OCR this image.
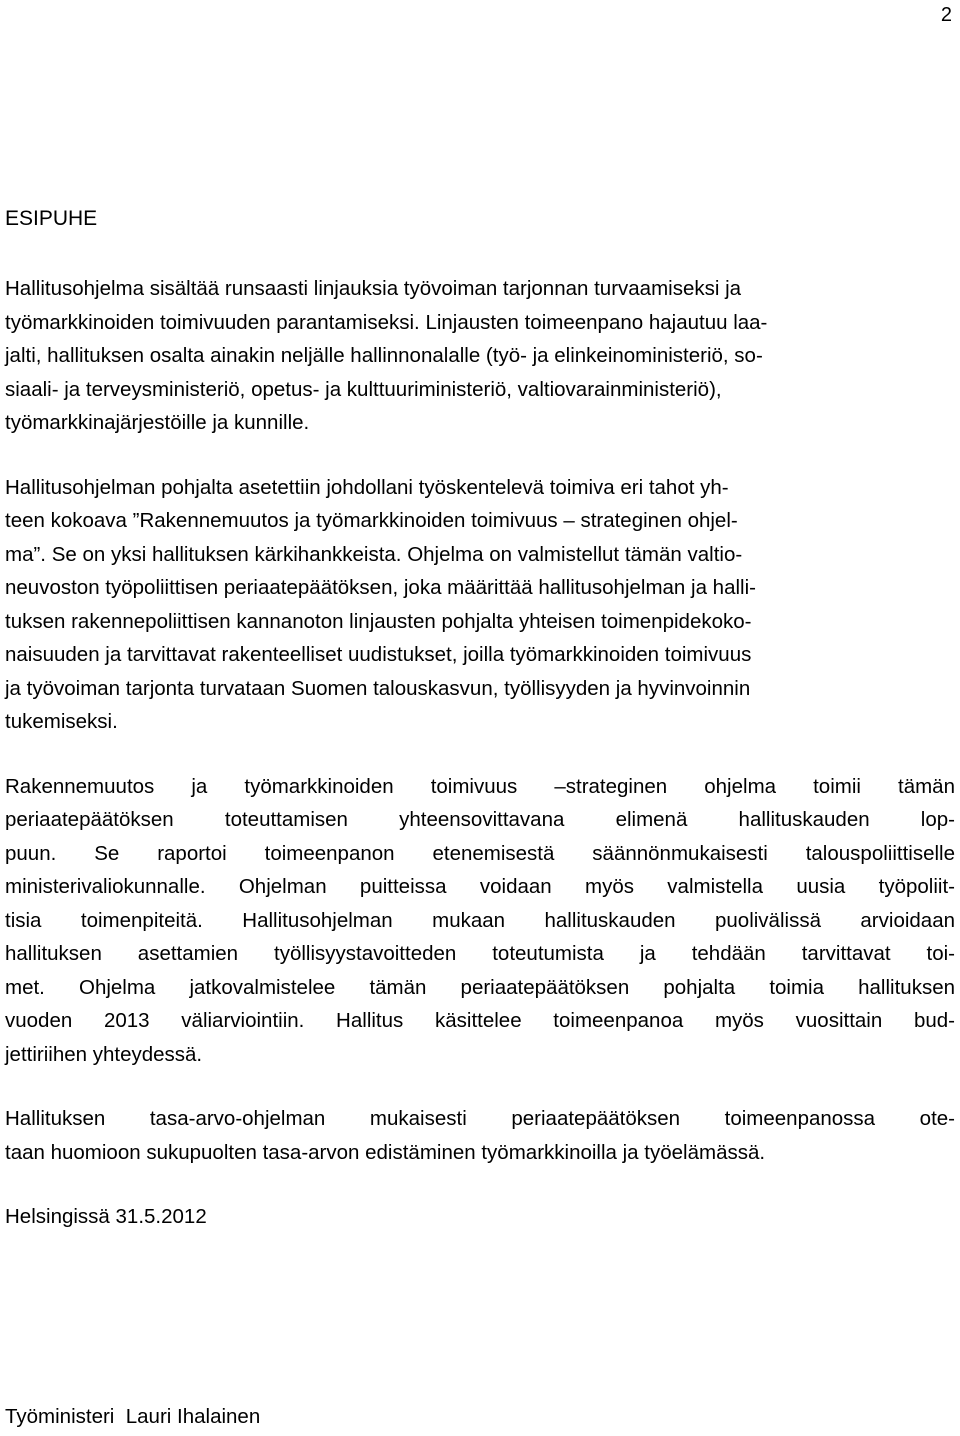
2
ESIPUHE
Hallitusohjelma sisältää runsaasti linjauksia työvoiman tarjonnan turvaamiseksi ja
työmarkkinoiden toimivuuden parantamiseksi. Linjausten toimeenpano hajautuu laa-
jalti, hallituksen osalta ainakin neljälle hallinnonalalle (työ- ja elinkeinoministeriö, so-
siaali- ja terveysministeriö, opetus- ja kulttuuriministeriö, valtiovarainministeriö),
työmarkkinajärjestöille ja kunnille.
Hallitusohjelman pohjalta asetettiin johdollani työskentelevä toimiva eri tahot yh-
teen kokoava ”Rakennemuutos ja työmarkkinoiden toimivuus – strateginen ohjel-
ma”. Se on yksi hallituksen kärkihankkeista. Ohjelma on valmistellut tämän valtio-
neuvoston työpoliittisen periaatepäätöksen, joka määrittää hallitusohjelman ja halli-
tuksen rakennepoliittisen kannanoton linjausten pohjalta yhteisen toimenpidekoko-
naisuuden ja tarvittavat rakenteelliset uudistukset, joilla työmarkkinoiden toimivuus
ja työvoiman tarjonta turvataan Suomen talouskasvun, työllisyyden ja hyvinvoinnin
tukemiseksi.
Rakennemuutos ja työmarkkinoiden toimivuus –strateginen ohjelma toimii tämän
periaatepäätöksen toteuttamisen yhteensovittavana elimenä hallituskauden lop-
puun. Se raportoi toimeenpanon etenemisestä säännönmukaisesti talouspoliittiselle
ministerivaliokunnalle. Ohjelman puitteissa voidaan myös valmistella uusia työpoliit-
tisia toimenpiteitä. Hallitusohjelman mukaan hallituskauden puolivälissä arvioidaan
hallituksen asettamien työllisyystavoitteden toteutumista ja tehdään tarvittavat toi-
met. Ohjelma jatkovalmistelee tämän periaatepäätöksen pohjalta toimia hallituksen
vuoden 2013 väliarviointiin. Hallitus käsittelee toimeenpanoa myös vuosittain bud-
jettiriihen yhteydessä.
Hallituksen tasa-arvo-ohjelman mukaisesti periaatepäätöksen toimeenpanossa ote-
taan huomioon sukupuolten tasa-arvon edistäminen työmarkkinoilla ja työelämässä.
Helsingissä 31.5.2012
Työministeri  Lauri Ihalainen
